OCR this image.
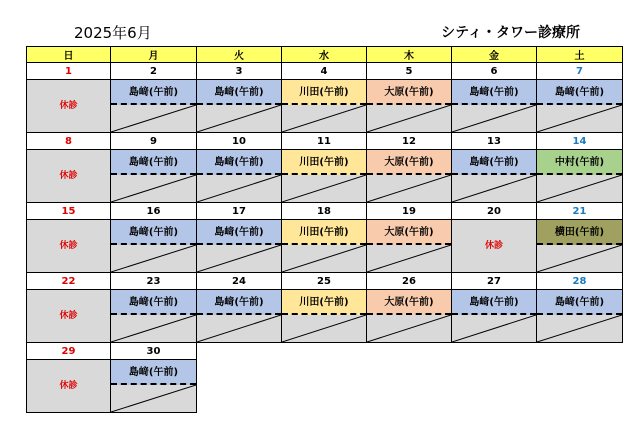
2025年6月	シティ・タワー診療所
日	月	火	水	木	金	土
1	2	3	4	5	6	7

休診	島﨑(午前)	島﨑(午前)	川田(午前)	大原(午前)	島﨑(午前)	島﨑(午前)

8	9	10	11	12	13	14

休診	島﨑(午前)	島﨑(午前)	川田(午前)	大原(午前)	島﨑(午前)	中村(午前)

15	16	17	18	19	20	21

休診	島﨑(午前)	島﨑(午前)	川田(午前)	大原(午前)	休診	横田(午前)

22	23	24	25	26	27	28

休診	島﨑(午前)	島﨑(午前)	川田(午前)	大原(午前)	島﨑(午前)	島﨑(午前)

29	30					

休診	島﨑(午前)					
